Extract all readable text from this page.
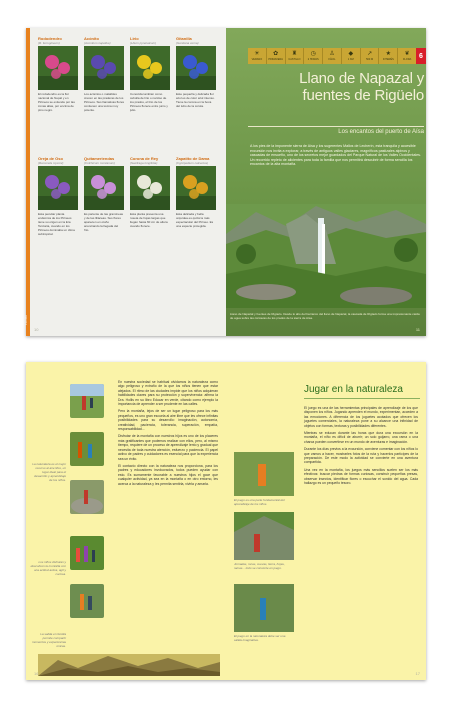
FLORA
Rododendro
(R. ferrugineum)
El rododendro es la flor nacional de Nepal y en Pirineos se extiende por las zonas altas, por encima de pino negro.
Acónito
(Aconitum napellus)
Los acónitos o malabiles crecen en las praderas de los Pirineos. Sus llamativas flores contienen una toxina muy potente.
Lirio
(Lilium pyrenaicum)
Conocida también como cebolla de lirio o narciso de los prados, el lirio de los Pirineos florece entre junio y julio.
Gitanilla
(Gentiana verna)
Este pequeña y delicada flor azul es de color azul intenso. Tiene la corona en la boca del tubo de la corola.
Oreja de Oso
(Ramonda myconi)
Esta peculiar planta endémica de los Pirineos tiene su origen en la Era Terciaria, cuando en los Pirineos dominaba un clima subtropical.
Quitameriendas
(Colchicum montanum)
Es pariente de las gramíneas y de las liliáceas. Sus flores aparecen en otoño anunciando la llegada del frío.
Corona de Rey
(Saxifraga longifolia)
Esta planta presenta una roseta de hojas largas que llegan hasta 60 cm de altura cuando florece.
Zapatito de Dama
(Cypripedium calceolus)
Esta delicada y bella orquídea es quizá la más espectacular del Pirineo. Es una especie protegida.
10
☀
VERANO
✿
PRIMAVERA
♜
CASTILLO
◷
2 HORAS
♙
FÁCIL
◆
1 KM
↗
500 M
★
INTERÉS
❦
FLORA	6
Llano de Napazal y fuentes de Rigüelo
Los encantos del puerto de Aísa
A los pies de la imponente sierra de Aísa y los sugerentes Mallos de Lecherín, esta tranquila y accesible excursión nos invita a explorar, a través de antiguos valles glaciares, magníficos pastizales alpinos y cascadas de ensueño, uno de los secretos mejor guardados del Parque Natural de los Valles Occidentales. Un recorrido repleto de alicientes para toda la familia que nos permitirá descubrir de forma sencilla los encantos de la alta montaña.
Llano de Napazal y fuentes de Rigüelo. Desde lo alto del barranco del llano de Napazal, la cascada de Rigüelo forma una impresionante caída de agua sobre las cárcavas de los prados de la sierra de Aísa.
11
La naturaleza es el mejor recurso al aire libre, un lugar ideal para el desarrollo y aprendizaje de los niños.
Los niños disfrutan y descubren la montaña con una actitud activa, ágil y curiosa.
La salida en familia permite compartir momentos y experiencias únicas.

En nuestra sociedad se habitual olvidamos la naturaleza como algo peligroso y extraño de la que los niños tienen que estar alejados. El ritmo de las ciudades impide que los niños adquieran habilidades claves para su protección y supervivencia: afirma la Dra. Hollis en su libro Educar en verde, citando como ejemplo la importancia de aprender a ser prudente en las calles.

Pero la montaña, lejos de ser un lugar peligroso para los más pequeños, es uno gran escuela al aire libre que les ofrece infinitas posibilidades para su desarrollo: imaginación, autonomía, creatividad, paciencia, tolerancia, superación, empatía, responsabilidad...

Disfrutar de la montaña con nuestros hijos es uno de los placeres más gratificantes que podemos realizar con ellos, pero, al mismo tiempo, requiere de un proceso de aprendizaje lento y gradual que necesita de toda nuestra atención, esfuerzo y paciencia. El papel activo de padres y cuidadores es esencial para que la experiencia sea un éxito.

El contacto directo con la naturaleza nos proporciona, para los padres y educadores involucrados, todos pueden ayudar con esto. Es sumamente favorable a nuestros hijos el goce que cualquier actividad, ya sea en la montaña o en otro entorno, les acerca a la naturaleza y les permita sentirla, vivirla y amarla.

16
Jugar en la naturaleza
El juego es una parte fundamental del aprendizaje de los niños.
Jornadas, rocas, cuevas, tierra, hojas, ramas... todo se convierte en juego.
El juego en la naturaleza debe ser una salida imaginativa.

El juego es una de las herramientas principales de aprendizaje de los que disponen los niños. Jugando aprenden el mundo, experimentan, acceden a las emociones. A diferencia de los juguetes acotados que ofrecen los juguetes comerciales, la naturaleza pone a su alcance una infinidad de objetos con formas, texturas y posibilidades diferentes.

Mientras se educan durante las horas que dura una excursión en la montaña, el niño es difícil de aburrir; un solo guijarro, una rama o una charca pueden convertirse en un mundo de aventuras e imaginación.

Durante los días previos a la excursión, conviene comentar con los niños lo que vamos a hacer, mostrarles fotos de la ruta y hacerlos partícipes de la preparación. De este modo la actividad se convierte en una aventura compartida.

Una vez en la montaña, los juegos más sencillos suelen ser los más efectivos: buscar piedras de formas curiosas, construir pequeñas presas, observar insectos, identificar flores o escuchar el sonido del agua. Cada hallazgo es un pequeño tesoro.

17
